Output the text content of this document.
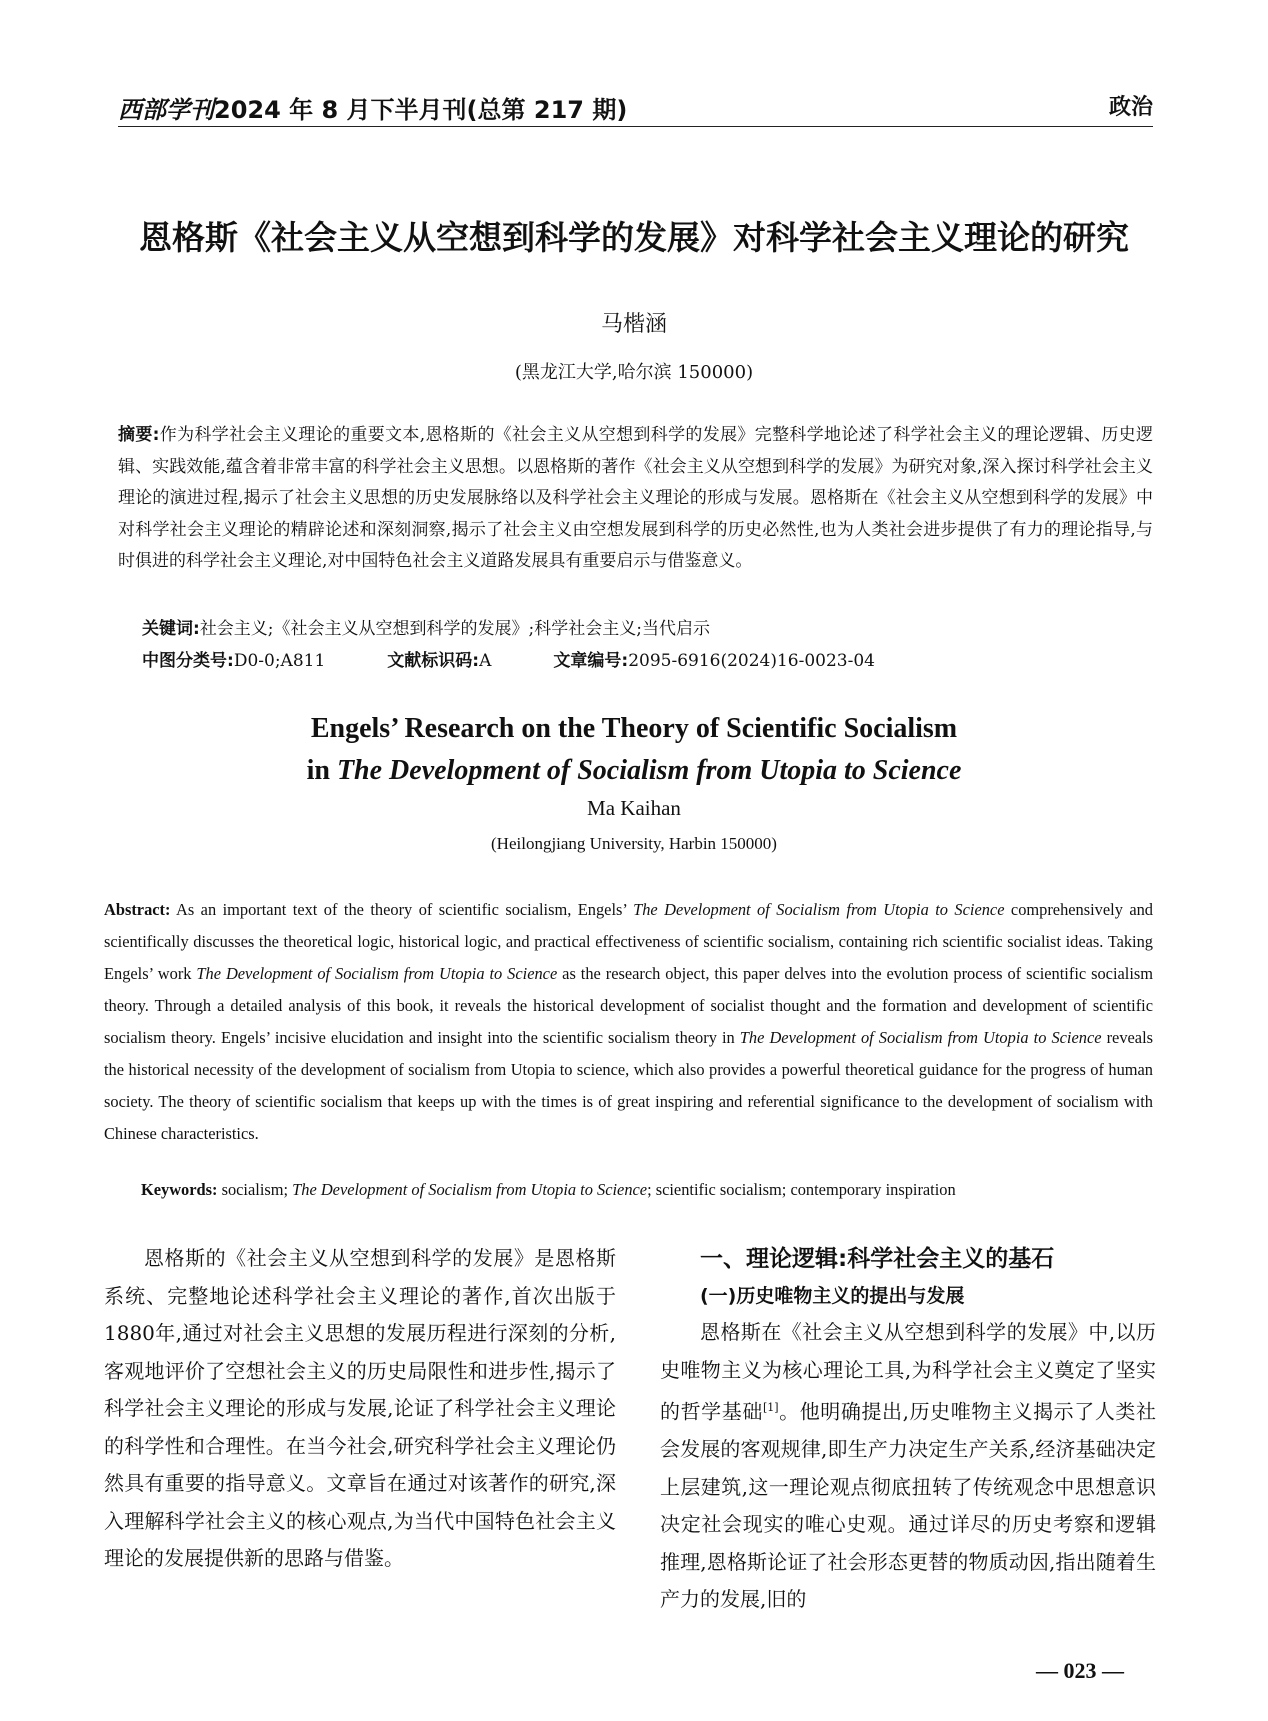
西部学刊2024 年 8 月下半月刊(总第 217 期)	政治
恩格斯《社会主义从空想到科学的发展》对科学社会主义理论的研究
马楷涵
(黑龙江大学,哈尔滨 150000)
摘要:作为科学社会主义理论的重要文本,恩格斯的《社会主义从空想到科学的发展》完整科学地论述了科学社会主义的理论逻辑、历史逻辑、实践效能,蕴含着非常丰富的科学社会主义思想。以恩格斯的著作《社会主义从空想到科学的发展》为研究对象,深入探讨科学社会主义理论的演进过程,揭示了社会主义思想的历史发展脉络以及科学社会主义理论的形成与发展。恩格斯在《社会主义从空想到科学的发展》中对科学社会主义理论的精辟论述和深刻洞察,揭示了社会主义由空想发展到科学的历史必然性,也为人类社会进步提供了有力的理论指导,与时俱进的科学社会主义理论,对中国特色社会主义道路发展具有重要启示与借鉴意义。
关键词:社会主义;《社会主义从空想到科学的发展》;科学社会主义;当代启示
中图分类号:D0-0;A811	文献标识码:A	文章编号:2095-6916(2024)16-0023-04
Engels’ Research on the Theory of Scientific Socialism
in The Development of Socialism from Utopia to Science
Ma Kaihan
(Heilongjiang University, Harbin 150000)
Abstract: As an important text of the theory of scientific socialism, Engels’ The Development of Socialism from Utopia to Science comprehensively and scientifically discusses the theoretical logic, historical logic, and practical effectiveness of scientific socialism, containing rich scientific socialist ideas. Taking Engels’ work The Development of Socialism from Utopia to Science as the research object, this paper delves into the evolution process of scientific socialism theory. Through a detailed analysis of this book, it reveals the historical development of socialist thought and the formation and development of scientific socialism theory. Engels’ incisive elucidation and insight into the scientific socialism theory in The Development of Socialism from Utopia to Science reveals the historical necessity of the development of socialism from Utopia to science, which also provides a powerful theoretical guidance for the progress of human society. The theory of scientific socialism that keeps up with the times is of great inspiring and referential significance to the development of socialism with Chinese characteristics.
Keywords: socialism; The Development of Socialism from Utopia to Science; scientific socialism; contemporary inspiration
恩格斯的《社会主义从空想到科学的发展》是恩格斯系统、完整地论述科学社会主义理论的著作,首次出版于1880年,通过对社会主义思想的发展历程进行深刻的分析,客观地评价了空想社会主义的历史局限性和进步性,揭示了科学社会主义理论的形成与发展,论证了科学社会主义理论的科学性和合理性。在当今社会,研究科学社会主义理论仍然具有重要的指导意义。文章旨在通过对该著作的研究,深入理解科学社会主义的核心观点,为当代中国特色社会主义理论的发展提供新的思路与借鉴。
一、理论逻辑:科学社会主义的基石
(一)历史唯物主义的提出与发展
恩格斯在《社会主义从空想到科学的发展》中,以历史唯物主义为核心理论工具,为科学社会主义奠定了坚实的哲学基础[1]。他明确提出,历史唯物主义揭示了人类社会发展的客观规律,即生产力决定生产关系,经济基础决定上层建筑,这一理论观点彻底扭转了传统观念中思想意识决定社会现实的唯心史观。通过详尽的历史考察和逻辑推理,恩格斯论证了社会形态更替的物质动因,指出随着生产力的发展,旧的
— 023 —
